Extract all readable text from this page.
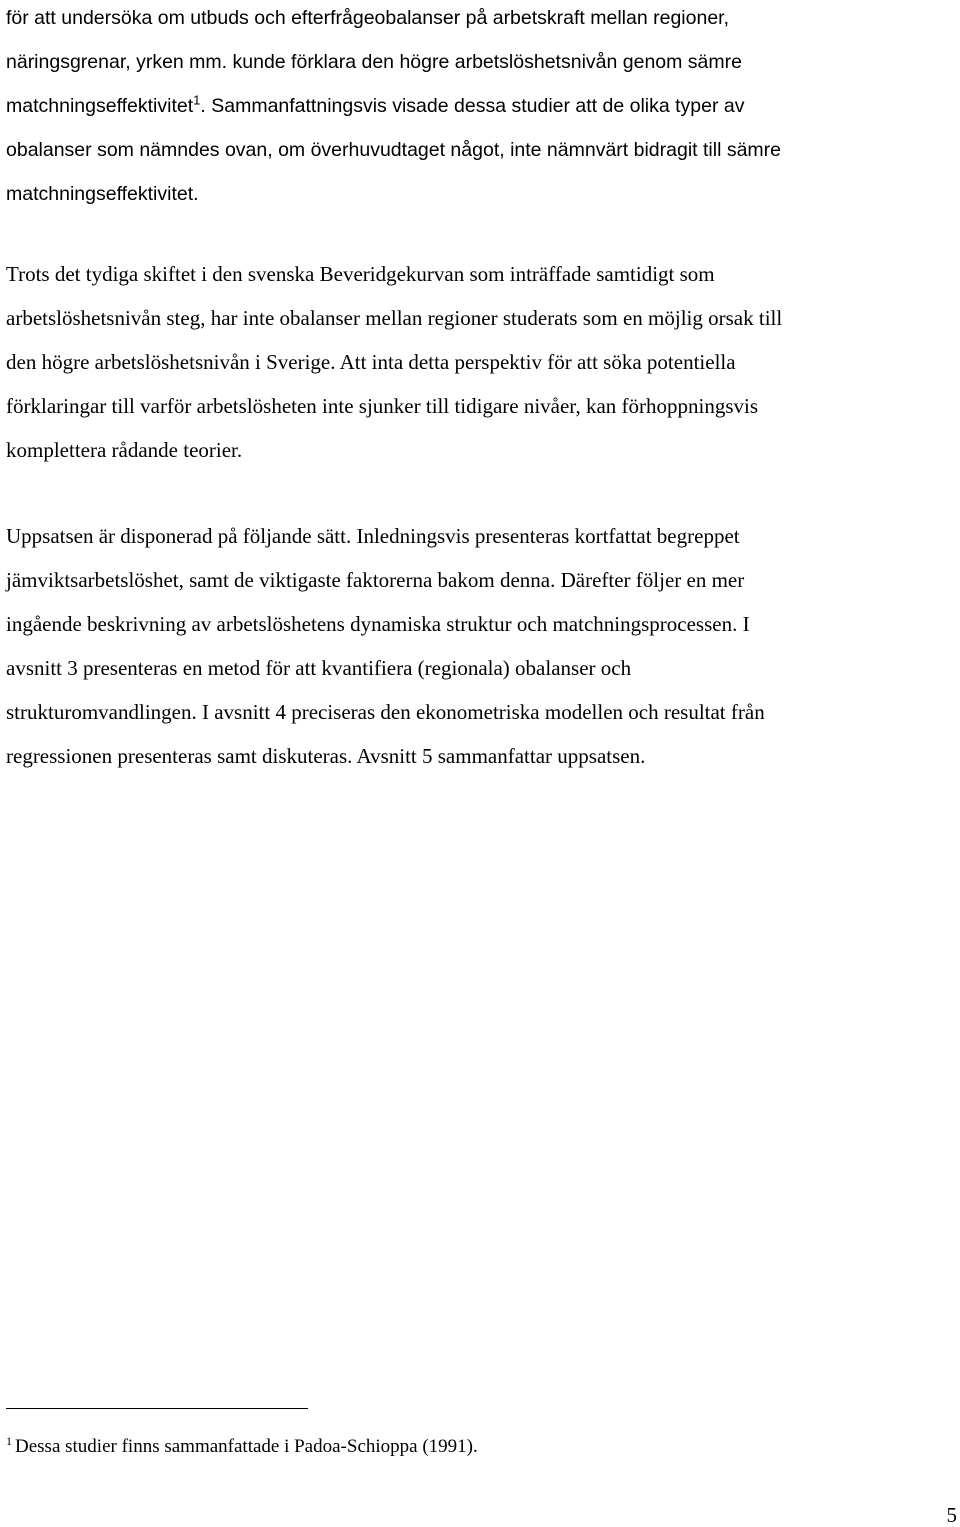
för att undersöka om utbuds och efterfrågeobalanser på arbetskraft mellan regioner,
näringsgrenar, yrken mm. kunde förklara den högre arbetslöshetsnivån genom sämre
matchningseffektivitet$^1$. Sammanfattningsvis visade dessa studier att de olika typer av
obalanser som nämndes ovan, om överhuvudtaget något, inte nämnvärt bidragit till sämre
matchningseffektivitet.
Trots det tydiga skiftet i den svenska Beveridgekurvan som inträffade samtidigt som
arbetslöshetsnivån steg, har inte obalanser mellan regioner studerats som en möjlig orsak till
den högre arbetslöshetsnivån i Sverige. Att inta detta perspektiv för att söka potentiella
förklaringar till varför arbetslösheten inte sjunker till tidigare nivåer, kan förhoppningsvis
komplettera rådande teorier.
Uppsatsen är disponerad på följande sätt. Inledningsvis presenteras kortfattat begreppet
jämviktsarbetslöshet, samt de viktigaste faktorerna bakom denna. Därefter följer en mer
ingående beskrivning av arbetslöshetens dynamiska struktur och matchningsprocessen. I
avsnitt 3 presenteras en metod för att kvantifiera (regionala) obalanser och
strukturomvandlingen. I avsnitt 4 preciseras den ekonometriska modellen och resultat från
regressionen presenteras samt diskuteras. Avsnitt 5 sammanfattar uppsatsen.
$^1$ Dessa studier finns sammanfattade i Padoa-Schioppa (1991).
5
